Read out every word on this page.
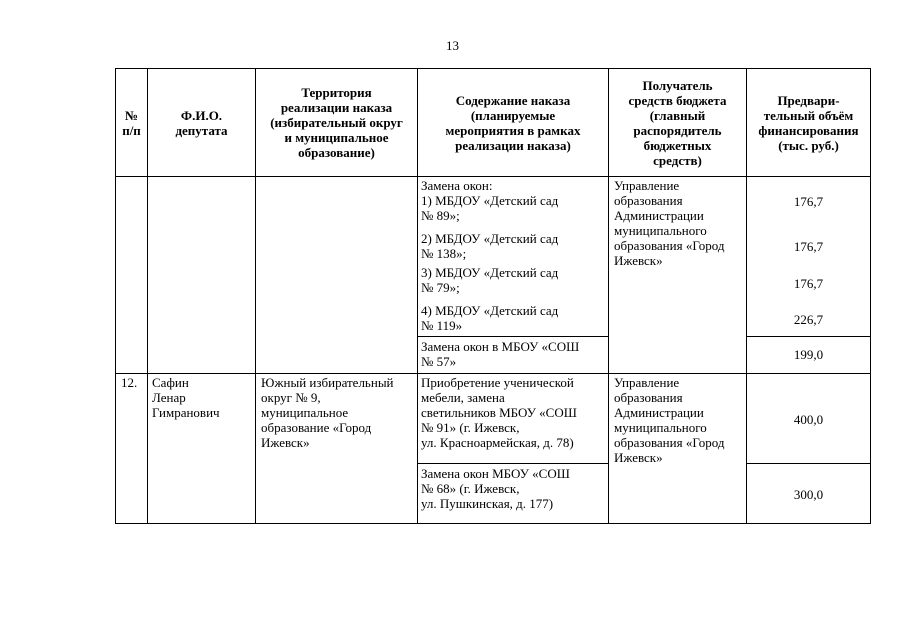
13
№
п/п
Ф.И.О.
депутата
Территория
реализации наказа
(избирательный округ
и муниципальное
образование)
Содержание наказа
(планируемые
мероприятия в рамках
реализации наказа)
Получатель
средств бюджета
(главный
распорядитель
бюджетных
средств)
Предвари-
тельный объём
финансирования
(тыс. руб.)
Замена окон:
1) МБДОУ «Детский сад
№ 89»;
2) МБДОУ «Детский сад
№ 138»;
3) МБДОУ «Детский сад
№ 79»;
4) МБДОУ «Детский сад
№ 119»
Замена окон в МБОУ «СОШ
№ 57»
Управление
образования
Администрации
муниципального
образования «Город
Ижевск»
176,7
176,7
176,7
226,7
199,0
12.	Сафин
Ленар
Гимранович
Южный избирательный
округ № 9,
муниципальное
образование «Город
Ижевск»
Приобретение ученической
мебели, замена
светильников МБОУ «СОШ
№ 91» (г. Ижевск,
ул. Красноармейская, д. 78)
Замена окон МБОУ «СОШ
№ 68» (г. Ижевск,
ул. Пушкинская, д. 177)
Управление
образования
Администрации
муниципального
образования «Город
Ижевск»
400,0
300,0
